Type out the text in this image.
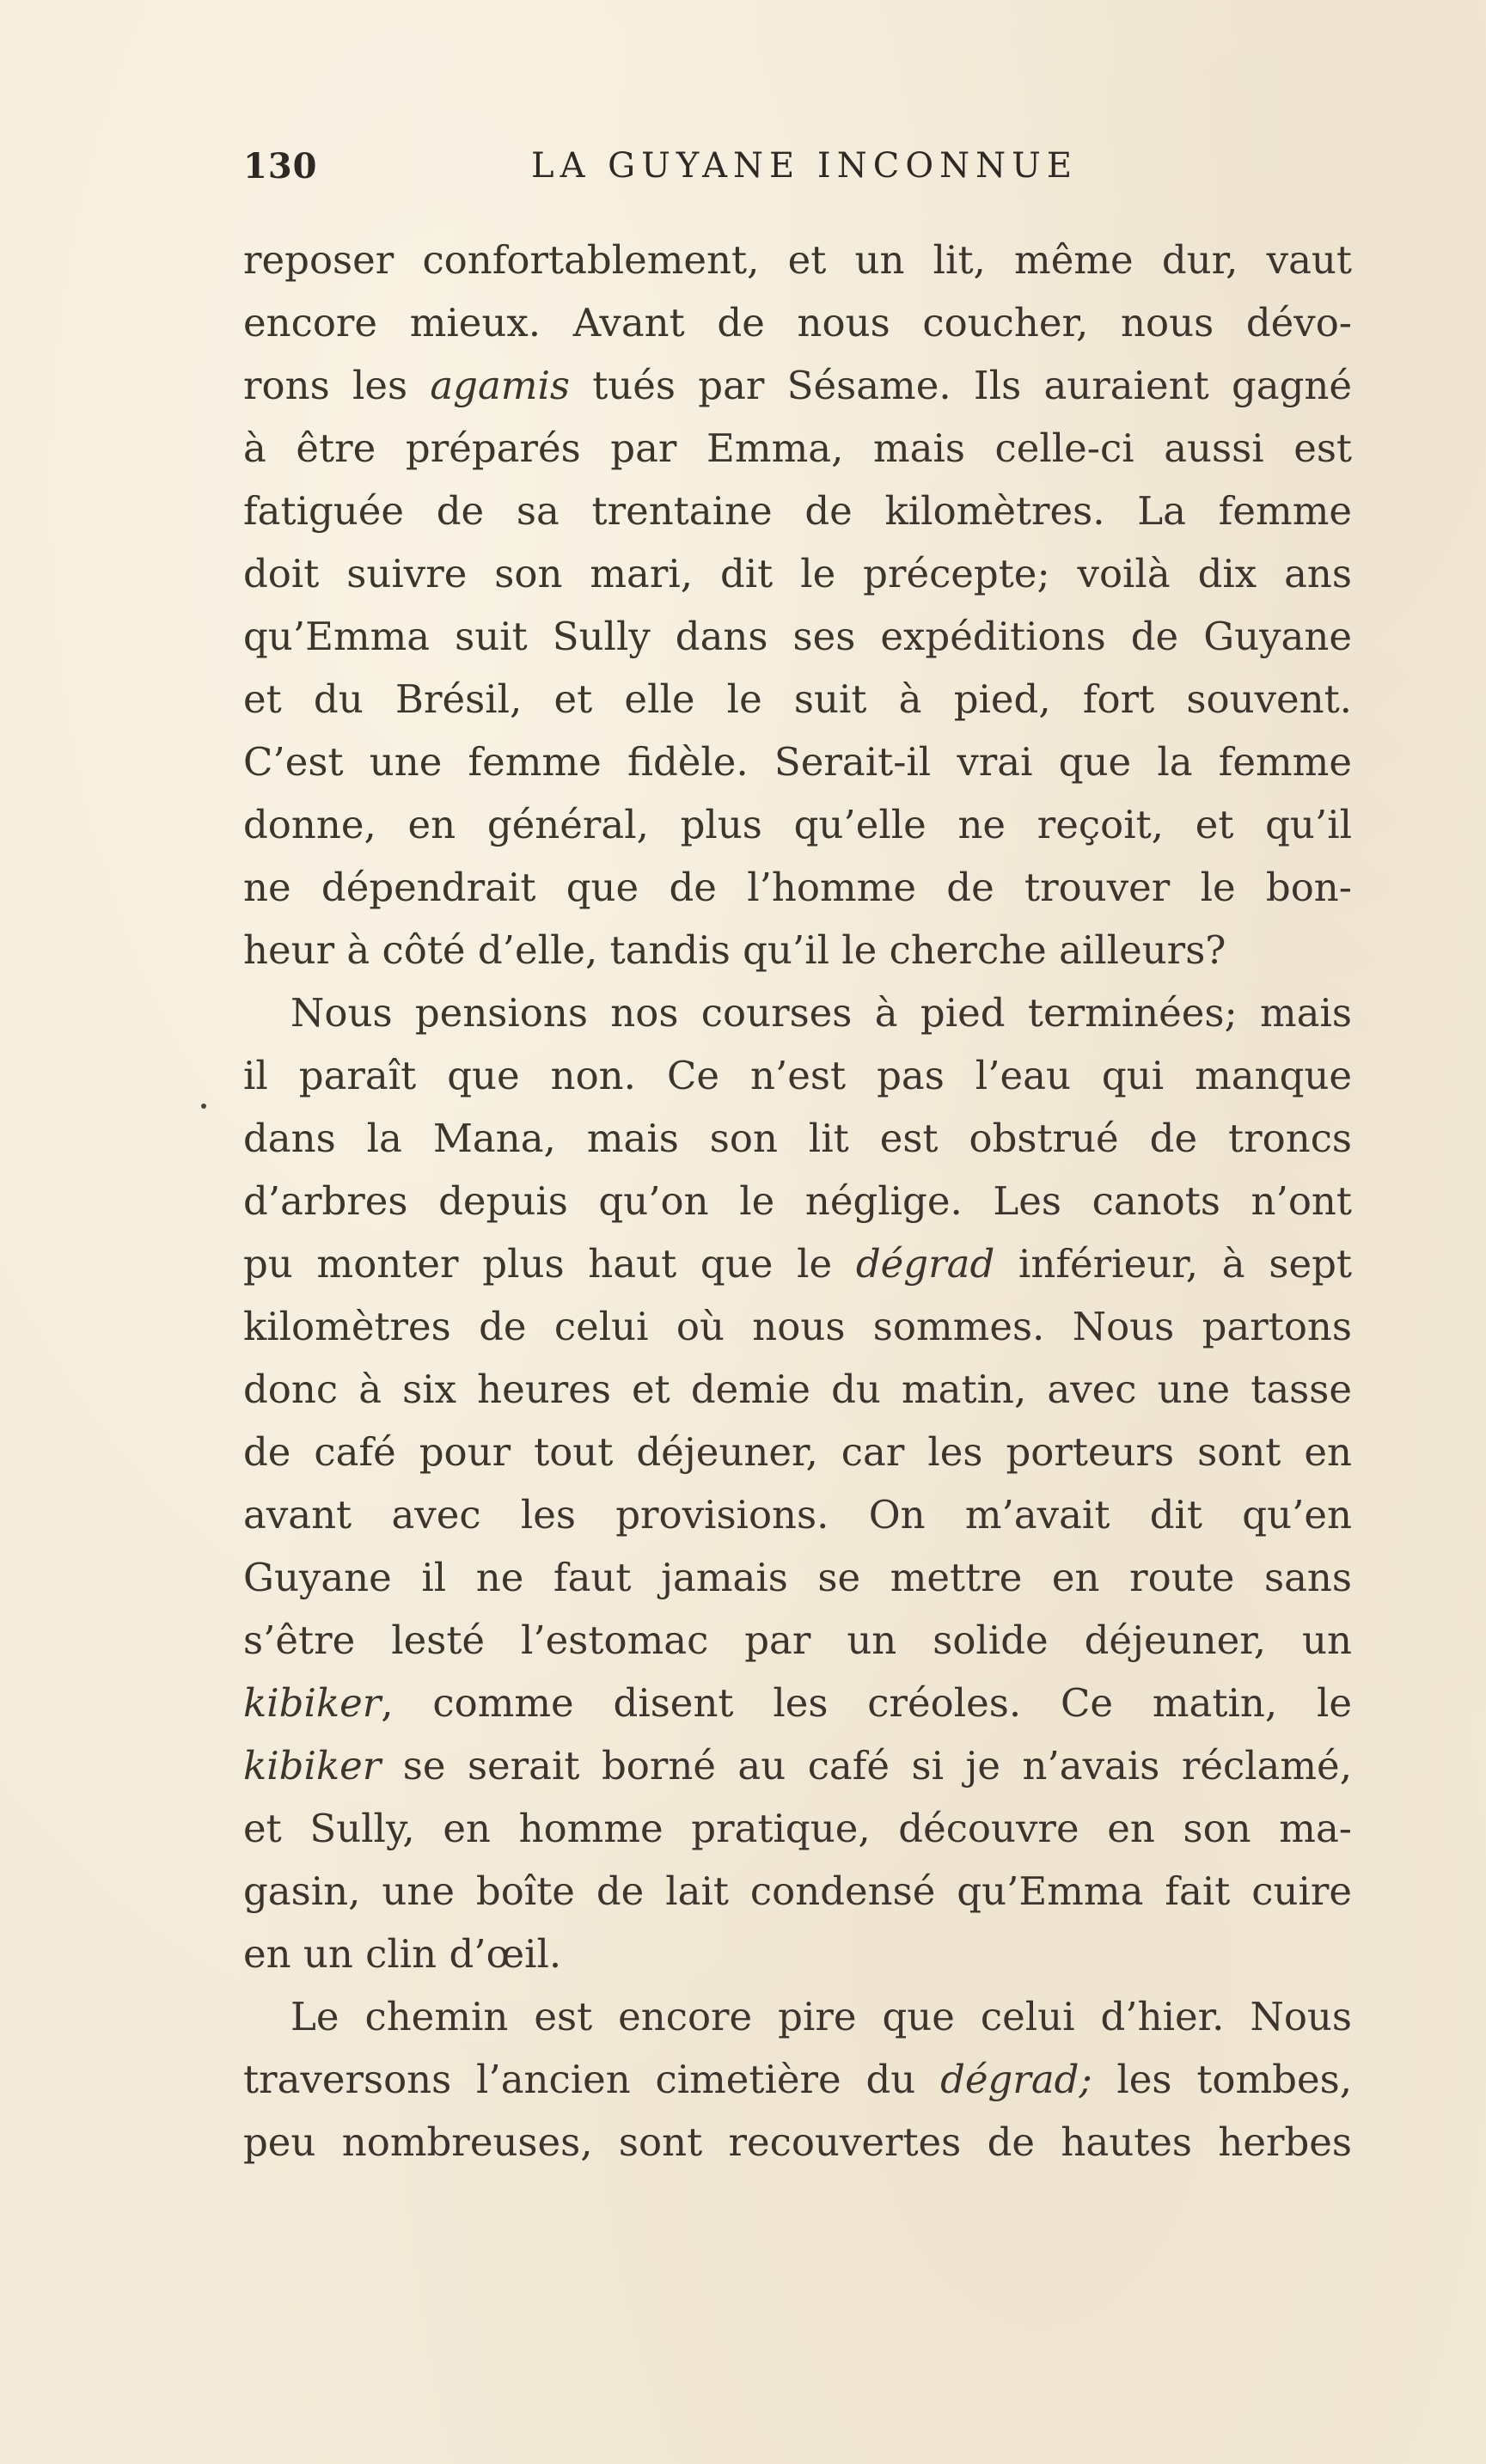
130	LA GUYANE INCONNUE
reposer confortablement, et un lit, même dur, vaut
encore mieux. Avant de nous coucher, nous dévo-
rons les agamis tués par Sésame. Ils auraient gagné
à être préparés par Emma, mais celle-ci aussi est
fatiguée de sa trentaine de kilomètres. La femme
doit suivre son mari, dit le précepte; voilà dix ans
qu’Emma suit Sully dans ses expéditions de Guyane
et du Brésil, et elle le suit à pied, fort souvent.
C’est une femme fidèle. Serait-il vrai que la femme
donne, en général, plus qu’elle ne reçoit, et qu’il
ne dépendrait que de l’homme de trouver le bon-
heur à côté d’elle, tandis qu’il le cherche ailleurs?
Nous pensions nos courses à pied terminées; mais
il paraît que non. Ce n’est pas l’eau qui manque
dans la Mana, mais son lit est obstrué de troncs
d’arbres depuis qu’on le néglige. Les canots n’ont
pu monter plus haut que le dégrad inférieur, à sept
kilomètres de celui où nous sommes. Nous partons
donc à six heures et demie du matin, avec une tasse
de café pour tout déjeuner, car les porteurs sont en
avant avec les provisions. On m’avait dit qu’en
Guyane il ne faut jamais se mettre en route sans
s’être lesté l’estomac par un solide déjeuner, un
kibiker, comme disent les créoles. Ce matin, le
kibiker se serait borné au café si je n’avais réclamé,
et Sully, en homme pratique, découvre en son ma-
gasin, une boîte de lait condensé qu’Emma fait cuire
en un clin d’œil.
Le chemin est encore pire que celui d’hier. Nous
traversons l’ancien cimetière du dégrad; les tombes,
peu nombreuses, sont recouvertes de hautes herbes
